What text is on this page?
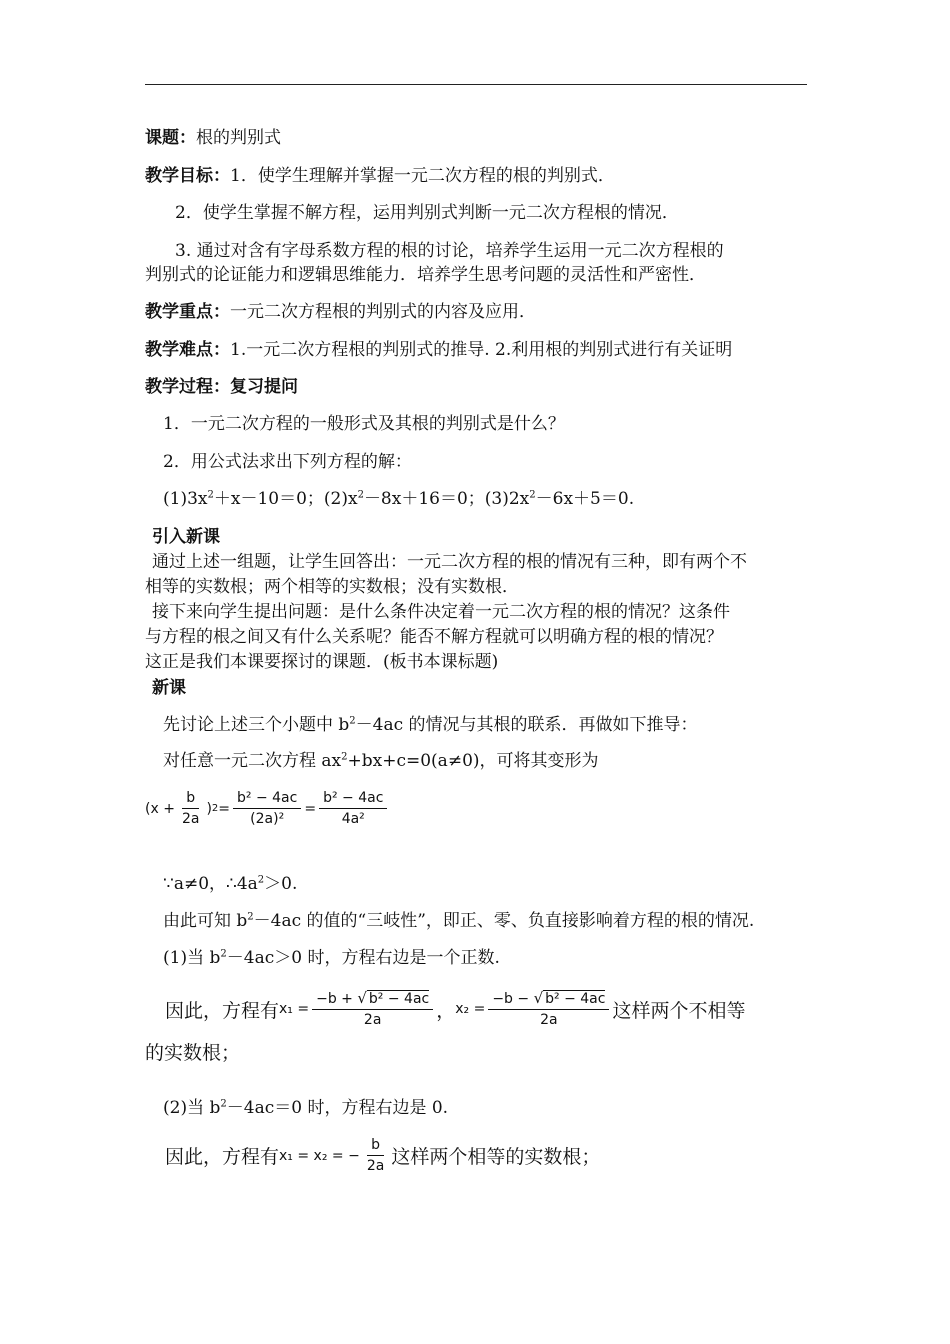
课题：根的判别式
教学目标：1．使学生理解并掌握一元二次方程的根的判别式．
2．使学生掌握不解方程，运用判别式判断一元二次方程根的情况．
3. 通过对含有字母系数方程的根的讨论，培养学生运用一元二次方程根的
判别式的论证能力和逻辑思维能力．培养学生思考问题的灵活性和严密性．
教学重点：一元二次方程根的判别式的内容及应用．
教学难点：1.一元二次方程根的判别式的推导. 2.利用根的判别式进行有关证明
教学过程：复习提问
1．一元二次方程的一般形式及其根的判别式是什么？
2．用公式法求出下列方程的解：
$(1)3x^2+x-10=0$；$(2)x^2-8x+16=0$；$(3)2x^2-6x+5=0$.
引入新课
通过上述一组题，让学生回答出：一元二次方程的根的情况有三种，即有两个不
相等的实数根；两个相等的实数根；没有实数根．
接下来向学生提出问题：是什么条件决定着一元二次方程的根的情况？这条件
与方程的根之间又有什么关系呢？能否不解方程就可以明确方程的根的情况？
这正是我们本课要探讨的课题．(板书本课标题)
新课
先讨论上述三个小题中 $b^2-4ac$ 的情况与其根的联系．再做如下推导：
对任意一元二次方程 $ax^2+bx+c=0(a\ne 0)$，可将其变形为
($x + \frac{b}{2a}$ ) $2 = \frac{\text{b² − 4ac}}{\text{(2a)²}} = \frac{\text{b² − 4ac}}{\text{4a²}}$
∵a≠0，$\therefore 4a^2>0$.
由此可知 $b^2-4ac$ 的值的“三岐性”，即正、零、负直接影响着方程的根的情况.
(1)当 $b^2-4ac>0$ 时，方程右边是一个正数.
因此，方程有 $x_1 = \frac{\text{−b + √ b² − 4ac}}{2a}$ ， $x_2 = \frac{\text{−b − √ b² − 4ac}}{2a}$ 这样两个不相等
的实数根；
(2)当 $b^2-4ac=0$ 时，方程右边是 0.
因此，方程有 x₁ = x₂ = − $\frac{b}{2a}$ 这样两个相等的实数根；
